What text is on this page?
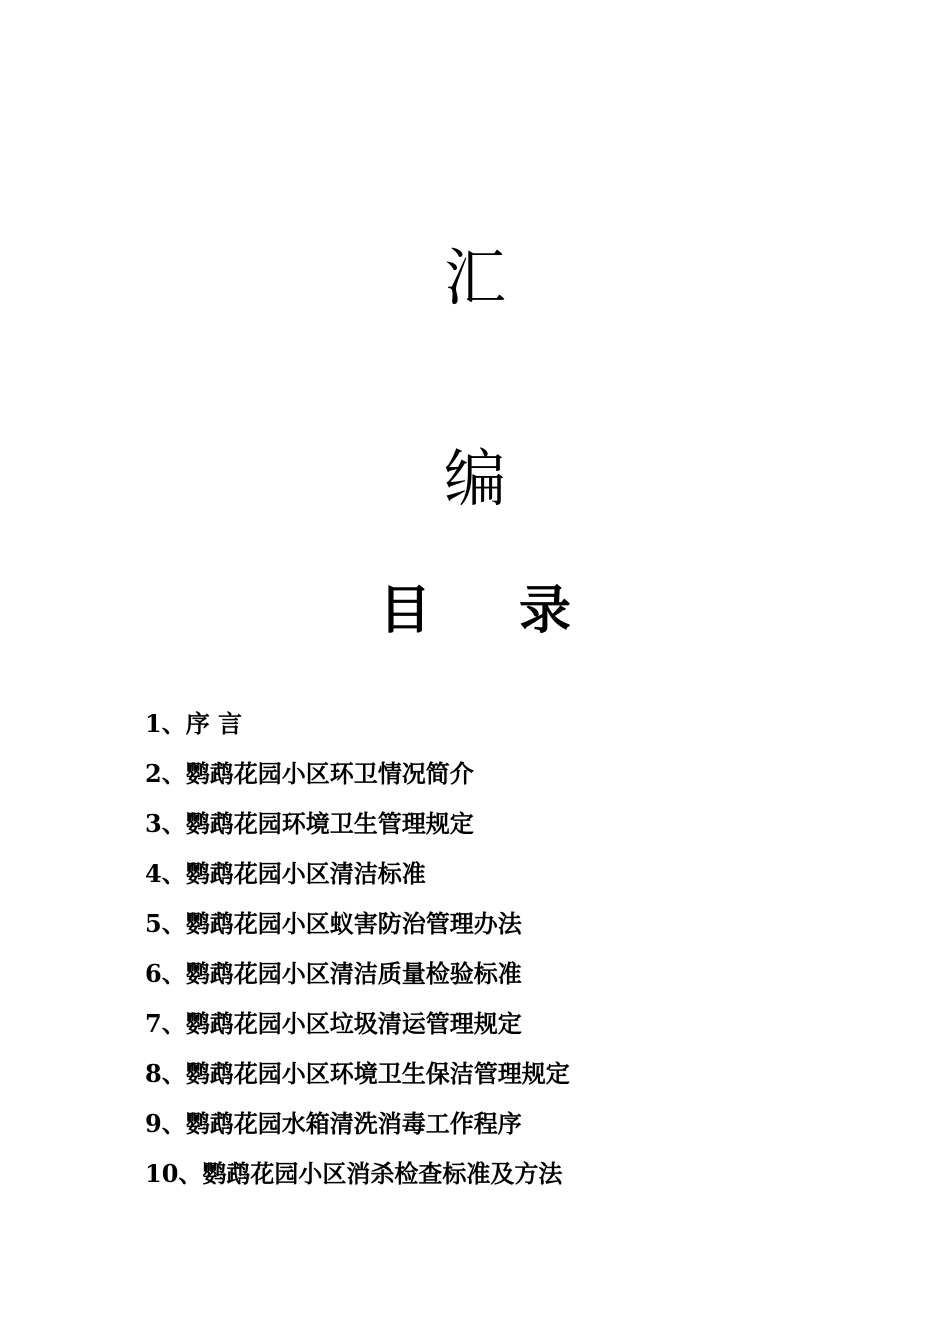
汇
编
目 录
1、序 言
2、鹦鹉花园小区环卫情况简介
3、鹦鹉花园环境卫生管理规定
4、鹦鹉花园小区清洁标准
5、鹦鹉花园小区蚁害防治管理办法
6、鹦鹉花园小区清洁质量检验标准
7、鹦鹉花园小区垃圾清运管理规定
8、鹦鹉花园小区环境卫生保洁管理规定
9、鹦鹉花园水箱清洗消毒工作程序
10、鹦鹉花园小区消杀检查标准及方法
